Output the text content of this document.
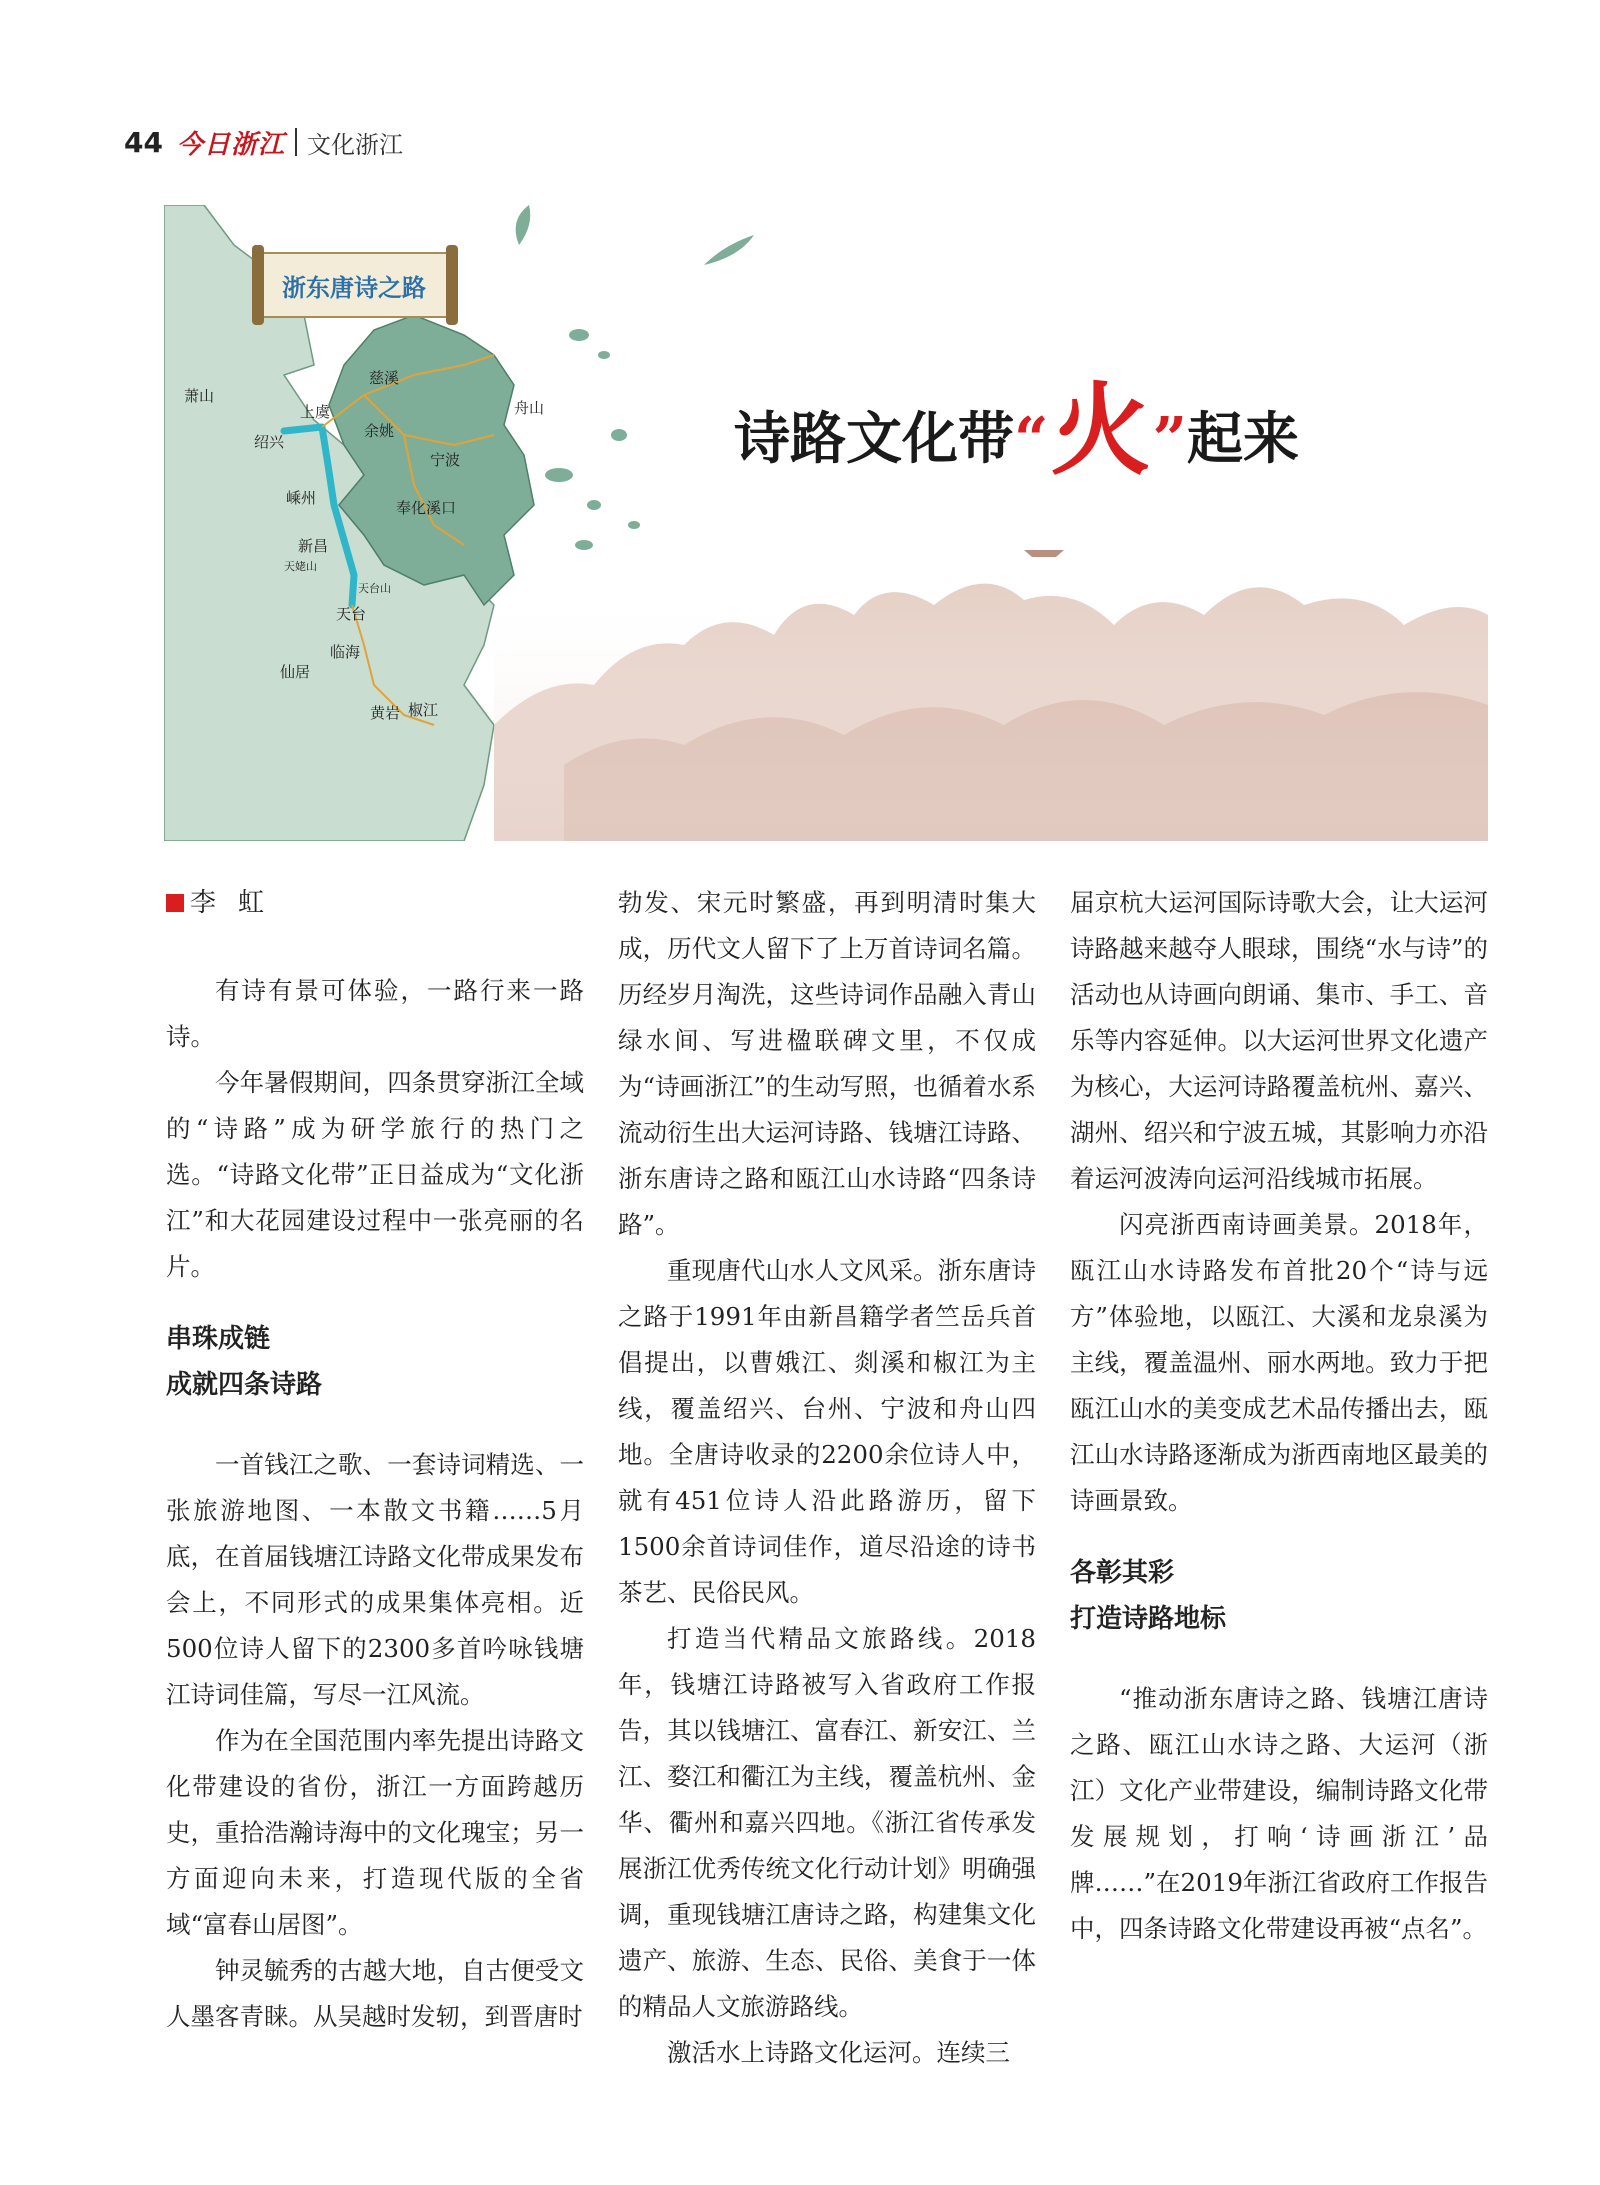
44 今日浙江 文化浙江
浙东唐诗之路
萧山
慈溪
上虞	舟山
绍兴
余姚
宁波
嵊州
奉化溪口
新昌
天姥山
天台山
天台
临海
仙居
黄岩 椒江
诗路文化带 “ 火 ” 起来
李虹

有诗有景可体验，一路行来一路诗。

今年暑假期间，四条贯穿浙江全域的“诗路”成为研学旅行的热门之选。“诗路文化带”正日益成为“文化浙江”和大花园建设过程中一张亮丽的名片。

串珠成链
成就四条诗路

一首钱江之歌、一套诗词精选、一张旅游地图、一本散文书籍……5月底，在首届钱塘江诗路文化带成果发布会上，不同形式的成果集体亮相。近500位诗人留下的2300多首吟咏钱塘江诗词佳篇，写尽一江风流。

作为在全国范围内率先提出诗路文化带建设的省份，浙江一方面跨越历史，重拾浩瀚诗海中的文化瑰宝；另一方面迎向未来，打造现代版的全省域“富春山居图”。

钟灵毓秀的古越大地，自古便受文人墨客青睐。从吴越时发轫，到晋唐时

勃发、宋元时繁盛，再到明清时集大成，历代文人留下了上万首诗词名篇。历经岁月淘洗，这些诗词作品融入青山绿水间、写进楹联碑文里，不仅成为“诗画浙江”的生动写照，也循着水系流动衍生出大运河诗路、钱塘江诗路、浙东唐诗之路和瓯江山水诗路“四条诗路”。

重现唐代山水人文风采。浙东唐诗之路于1991年由新昌籍学者竺岳兵首倡提出，以曹娥江、剡溪和椒江为主线，覆盖绍兴、台州、宁波和舟山四地。全唐诗收录的2200余位诗人中，就有451位诗人沿此路游历，留下1500余首诗词佳作，道尽沿途的诗书茶艺、民俗民风。

打造当代精品文旅路线。2018年，钱塘江诗路被写入省政府工作报告，其以钱塘江、富春江、新安江、兰江、婺江和衢江为主线，覆盖杭州、金华、衢州和嘉兴四地。《浙江省传承发展浙江优秀传统文化行动计划》明确强调，重现钱塘江唐诗之路，构建集文化遗产、旅游、生态、民俗、美食于一体的精品人文旅游路线。

激活水上诗路文化运河。连续三

届京杭大运河国际诗歌大会，让大运河诗路越来越夺人眼球，围绕“水与诗”的活动也从诗画向朗诵、集市、手工、音乐等内容延伸。以大运河世界文化遗产为核心，大运河诗路覆盖杭州、嘉兴、湖州、绍兴和宁波五城，其影响力亦沿着运河波涛向运河沿线城市拓展。

闪亮浙西南诗画美景。2018年，瓯江山水诗路发布首批20个“诗与远方”体验地，以瓯江、大溪和龙泉溪为主线，覆盖温州、丽水两地。致力于把瓯江山水的美变成艺术品传播出去，瓯江山水诗路逐渐成为浙西南地区最美的诗画景致。

各彰其彩
打造诗路地标

“推动浙东唐诗之路、钱塘江唐诗之路、瓯江山水诗之路、大运河（浙江）文化产业带建设，编制诗路文化带发展规划，打响‘诗画浙江’品牌……”在2019年浙江省政府工作报告中，四条诗路文化带建设再被“点名”。
